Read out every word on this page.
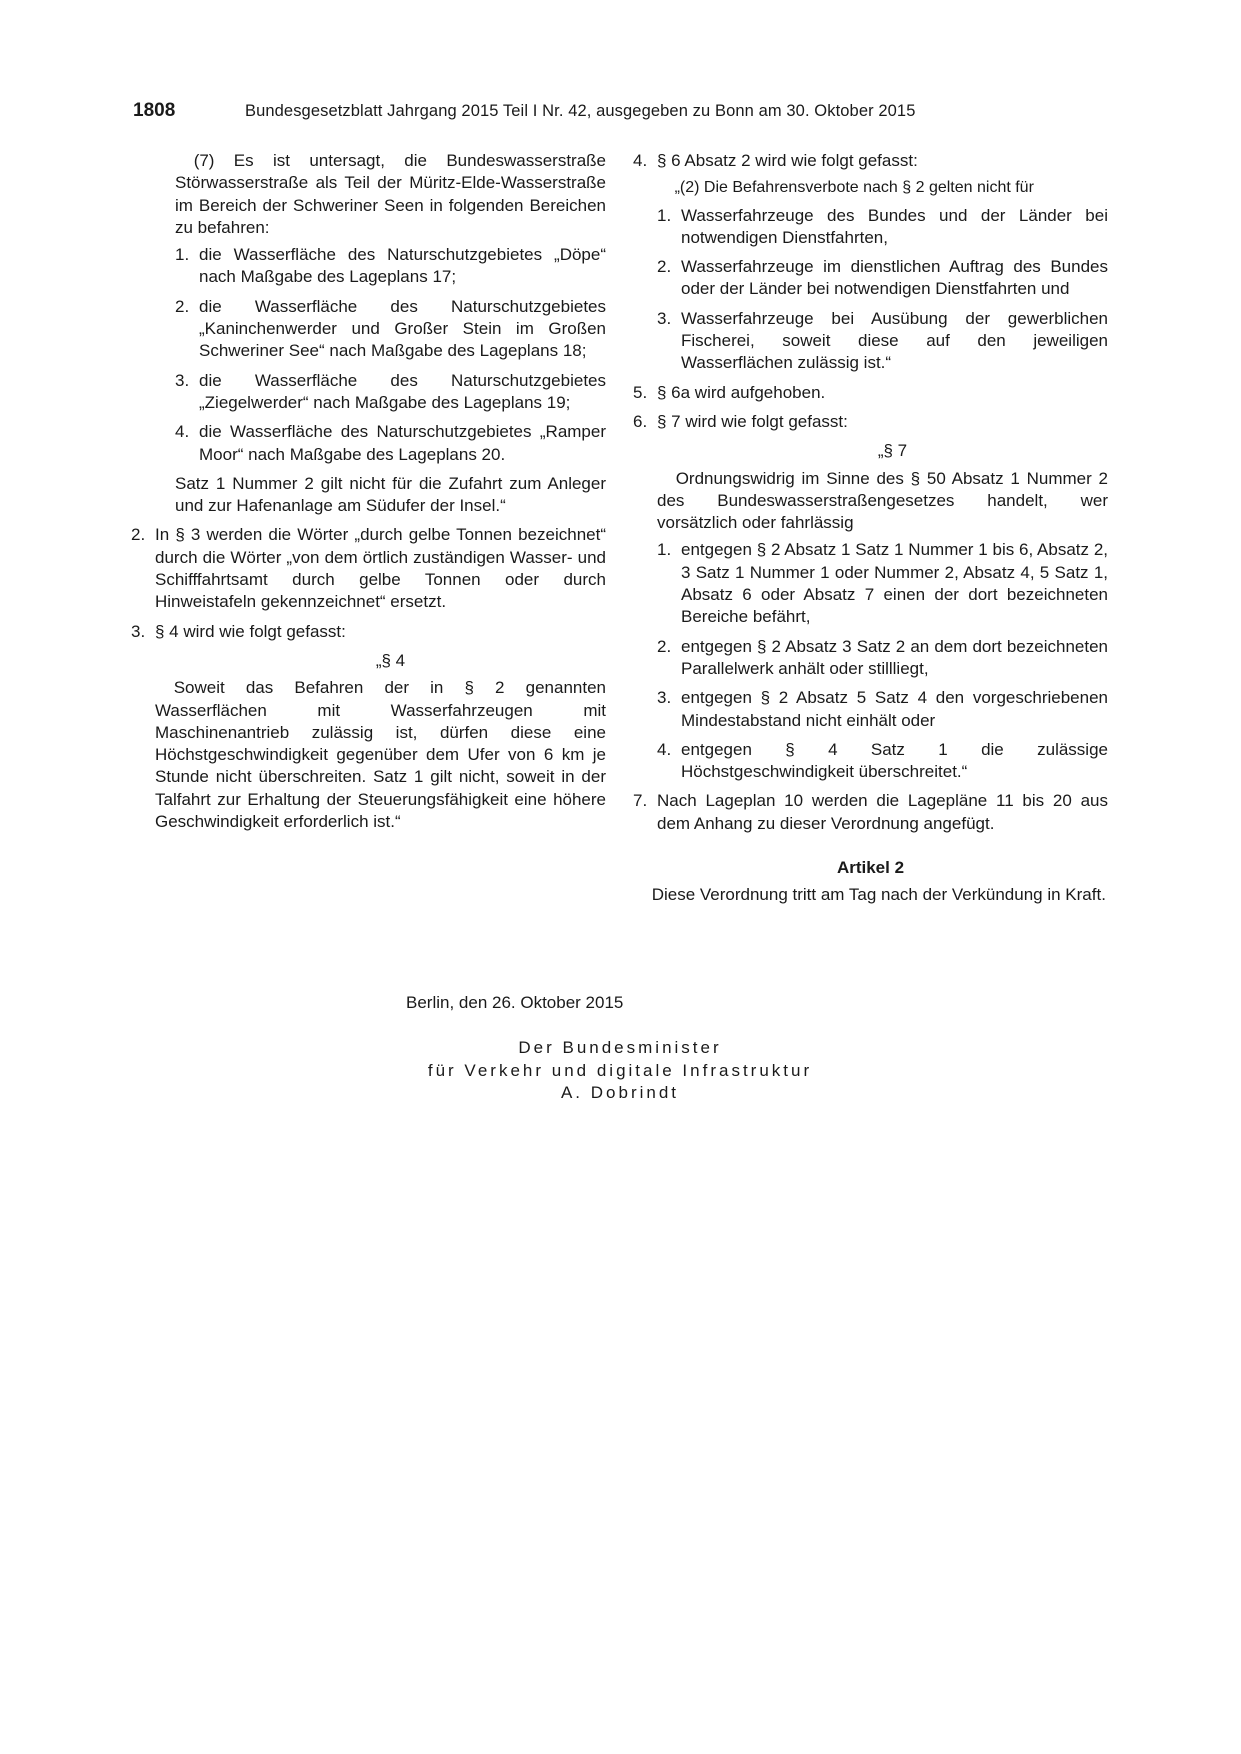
1808	Bundesgesetzblatt Jahrgang 2015 Teil I Nr. 42, ausgegeben zu Bonn am 30. Oktober 2015

(7) Es ist untersagt, die Bundeswasserstraße Störwasserstraße als Teil der Müritz-Elde-Wasserstraße im Bereich der Schweriner Seen in folgenden Bereichen zu befahren:

1. die Wasserfläche des Naturschutzgebietes „Döpe“ nach Maßgabe des Lageplans 17;
2. die Wasserfläche des Naturschutzgebietes „Kaninchenwerder und Großer Stein im Großen Schweriner See“ nach Maßgabe des Lageplans 18;
3. die Wasserfläche des Naturschutzgebietes „Ziegelwerder“ nach Maßgabe des Lageplans 19;
4. die Wasserfläche des Naturschutzgebietes „Ramper Moor“ nach Maßgabe des Lageplans 20.

Satz 1 Nummer 2 gilt nicht für die Zufahrt zum Anleger und zur Hafenanlage am Südufer der Insel.“

2. In § 3 werden die Wörter „durch gelbe Tonnen bezeichnet“ durch die Wörter „von dem örtlich zuständigen Wasser- und Schifffahrtsamt durch gelbe Tonnen oder durch Hinweistafeln gekennzeichnet“ ersetzt.
3. § 4 wird wie folgt gefasst:

„§ 4

Soweit das Befahren der in § 2 genannten Wasserflächen mit Wasserfahrzeugen mit Maschinenantrieb zulässig ist, dürfen diese eine Höchstgeschwindigkeit gegenüber dem Ufer von 6 km je Stunde nicht überschreiten. Satz 1 gilt nicht, soweit in der Talfahrt zur Erhaltung der Steuerungsfähigkeit eine höhere Geschwindigkeit erforderlich ist.“

4. § 6 Absatz 2 wird wie folgt gefasst:

„(2) Die Befahrensverbote nach § 2 gelten nicht für

1. Wasserfahrzeuge des Bundes und der Länder bei notwendigen Dienstfahrten,
2. Wasserfahrzeuge im dienstlichen Auftrag des Bundes oder der Länder bei notwendigen Dienstfahrten und
3. Wasserfahrzeuge bei Ausübung der gewerblichen Fischerei, soweit diese auf den jeweiligen Wasserflächen zulässig ist.“
5. § 6a wird aufgehoben.
6. § 7 wird wie folgt gefasst:

„§ 7

Ordnungswidrig im Sinne des § 50 Absatz 1 Nummer 2 des Bundeswasserstraßengesetzes handelt, wer vorsätzlich oder fahrlässig

1. entgegen § 2 Absatz 1 Satz 1 Nummer 1 bis 6, Absatz 2, 3 Satz 1 Nummer 1 oder Nummer 2, Absatz 4, 5 Satz 1, Absatz 6 oder Absatz 7 einen der dort bezeichneten Bereiche befährt,
2. entgegen § 2 Absatz 3 Satz 2 an dem dort bezeichneten Parallelwerk anhält oder stillliegt,
3. entgegen § 2 Absatz 5 Satz 4 den vorgeschriebenen Mindestabstand nicht einhält oder
4. entgegen § 4 Satz 1 die zulässige Höchstgeschwindigkeit überschreitet.“
7. Nach Lageplan 10 werden die Lagepläne 11 bis 20 aus dem Anhang zu dieser Verordnung angefügt.

Artikel 2

Diese Verordnung tritt am Tag nach der Verkündung in Kraft.

Berlin, den 26. Oktober 2015
Der Bundesminister
für Verkehr und digitale Infrastruktur
A. Dobrindt
